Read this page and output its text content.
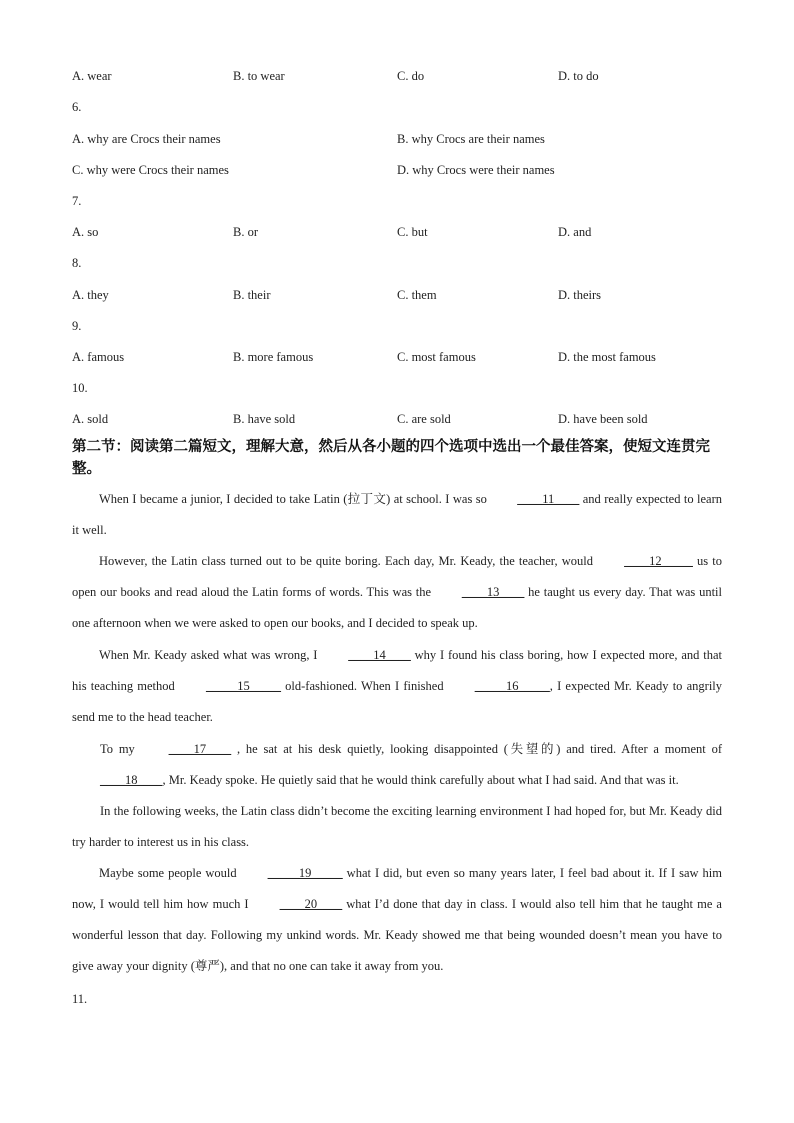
A. wear	B. to wear	C. do	D. to do
6.
A. why are Crocs their names	B. why Crocs are their names
C. why were Crocs their names	D. why Crocs were their names
7.
A. so	B. or	C. but	D. and
8.
A. they	B. their	C. them	D. theirs
9.
A. famous	B. more famous	C. most famous	D. the most famous
10.
A. sold	B. have sold	C. are sold	D. have been sold
第二节：阅读第二篇短文，理解大意，然后从各小题的四个选项中选出一个最佳答案，使短文连贯完整。
When I became a junior, I decided to take Latin (拉丁文) at school. I was so ____11____ and really expected to learn it well.
However, the Latin class turned out to be quite boring. Each day, Mr. Keady, the teacher, would ____12_____ us to open our books and read aloud the Latin forms of words. This was the ____13____ he taught us every day. That was until one afternoon when we were asked to open our books, and I decided to speak up.
When Mr. Keady asked what was wrong, I ____14____ why I found his class boring, how I expected more, and that his teaching method _____15_____ old-fashioned. When I finished _____16_____, I expected Mr. Keady to angrily send me to the head teacher.
To my ____17____ , he sat at his desk quietly, looking disappointed (失望的) and tired. After a moment of ____18____, Mr. Keady spoke. He quietly said that he would think carefully about what I had said. And that was it.
In the following weeks, the Latin class didn’t become the exciting learning environment I had hoped for, but Mr. Keady did try harder to interest us in his class.
Maybe some people would _____19_____ what I did, but even so many years later, I feel bad about it. If I saw him now, I would tell him how much I ____20____ what I’d done that day in class. I would also tell him that he taught me a wonderful lesson that day. Following my unkind words. Mr. Keady showed me that being wounded doesn’t mean you have to give away your dignity (尊严), and that no one can take it away from you.
11.
